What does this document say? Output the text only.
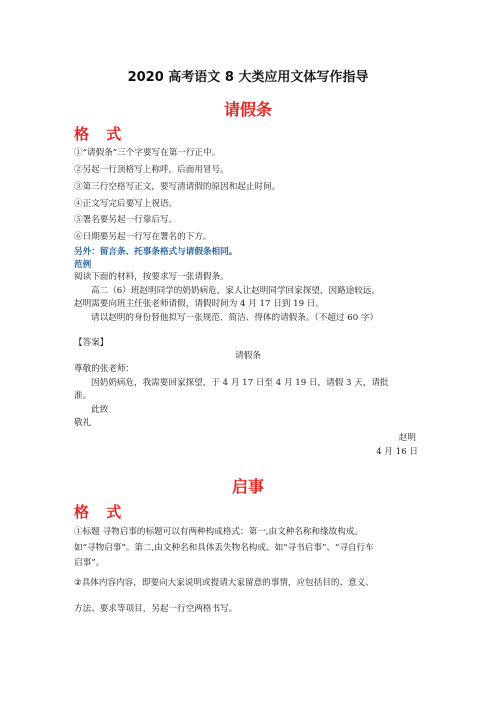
2020 高考语文 8 大类应用文体写作指导
请假条
格 式
①“请假条”三个字要写在第一行正中。
②另起一行顶格写上称呼，后面用冒号。
③第三行空格写正文，要写清请假的原因和起止时间。
④正文写完后要写上祝语。
⑤署名要另起一行靠后写。
⑥日期要另起一行写在署名的下方。
另外：留言条、托事条格式与请假条相同。
范例
阅读下面的材料，按要求写一张请假条。
高二（6）班赵明同学的奶奶病危，家人让赵明同学回家探望，因路途较远，
赵明需要向班主任张老师请假，请假时间为 4 月 17 日到 19 日。
请以赵明的身份替他拟写一张规范、简洁、得体的请假条。（不超过 60 字）
【答案】
请假条
尊敬的张老师：
因奶奶病危，我需要回家探望，于 4 月 17 日至 4 月 19 日，请假 3 天，请批
准。
此致
敬礼
赵明
4 月 16 日
启事
格 式
①标题 寻物启事的标题可以有两种构成格式：第一,由文种名称和缘故构成。
如“寻物启事”。第二,由文种名和具体丢失物名构成。如“寻书启事”、“寻自行车
启事”。
②具体内容内容，即要向大家说明或提请大家留意的事情，应包括目的、意义、
方法、要求等项目，另起一行空两格书写。
